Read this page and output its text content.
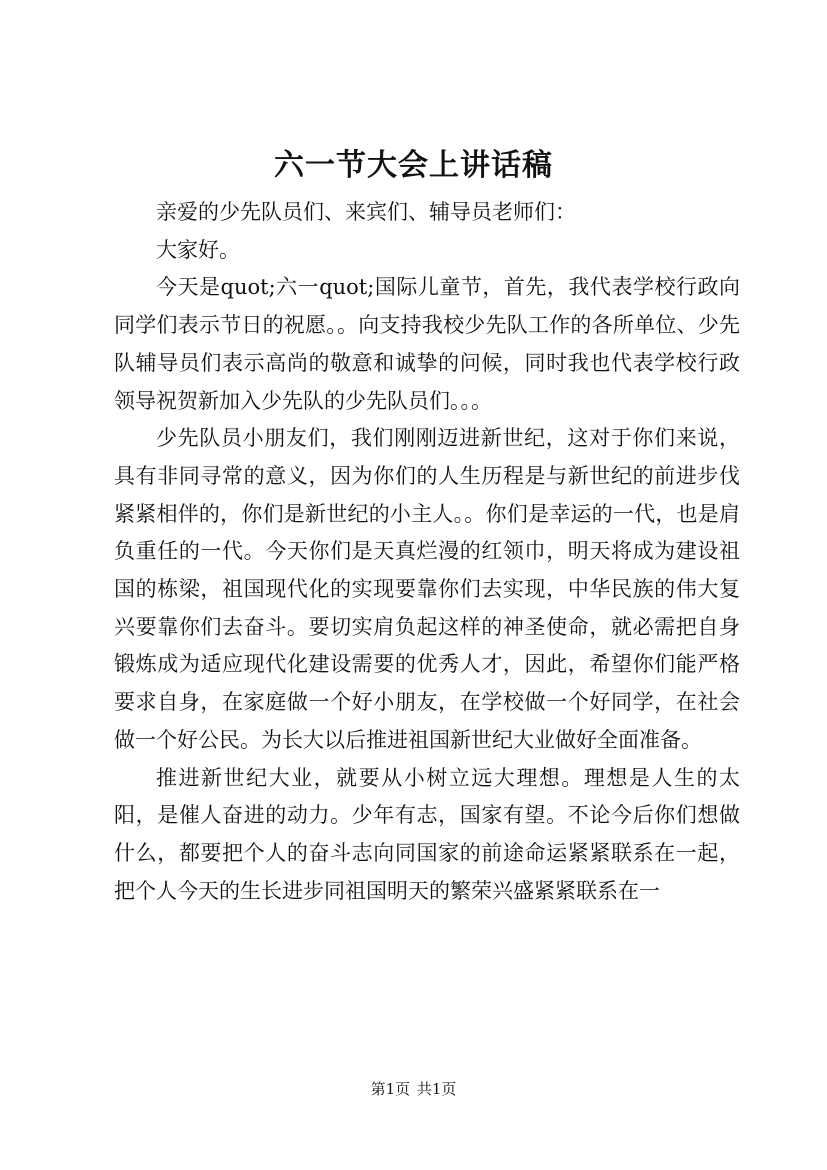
六一节大会上讲话稿

亲爱的少先队员们、来宾们、辅导员老师们：

大家好。

今天是quot;六一quot;国际儿童节，首先，我代表学校行政向同学们表示节日的祝愿。。向支持我校少先队工作的各所单位、少先队辅导员们表示高尚的敬意和诚挚的问候，同时我也代表学校行政领导祝贺新加入少先队的少先队员们。。。

少先队员小朋友们，我们刚刚迈进新世纪，这对于你们来说，具有非同寻常的意义，因为你们的人生历程是与新世纪的前进步伐紧紧相伴的，你们是新世纪的小主人。。你们是幸运的一代，也是肩负重任的一代。今天你们是天真烂漫的红领巾，明天将成为建设祖国的栋梁，祖国现代化的实现要靠你们去实现，中华民族的伟大复兴要靠你们去奋斗。要切实肩负起这样的神圣使命，就必需把自身锻炼成为适应现代化建设需要的优秀人才，因此，希望你们能严格要求自身，在家庭做一个好小朋友，在学校做一个好同学，在社会做一个好公民。为长大以后推进祖国新世纪大业做好全面准备。

推进新世纪大业，就要从小树立远大理想。理想是人生的太阳，是催人奋进的动力。少年有志，国家有望。不论今后你们想做什么，都要把个人的奋斗志向同国家的前途命运紧紧联系在一起，把个人今天的生长进步同祖国明天的繁荣兴盛紧紧联系在一

第1页 共1页
